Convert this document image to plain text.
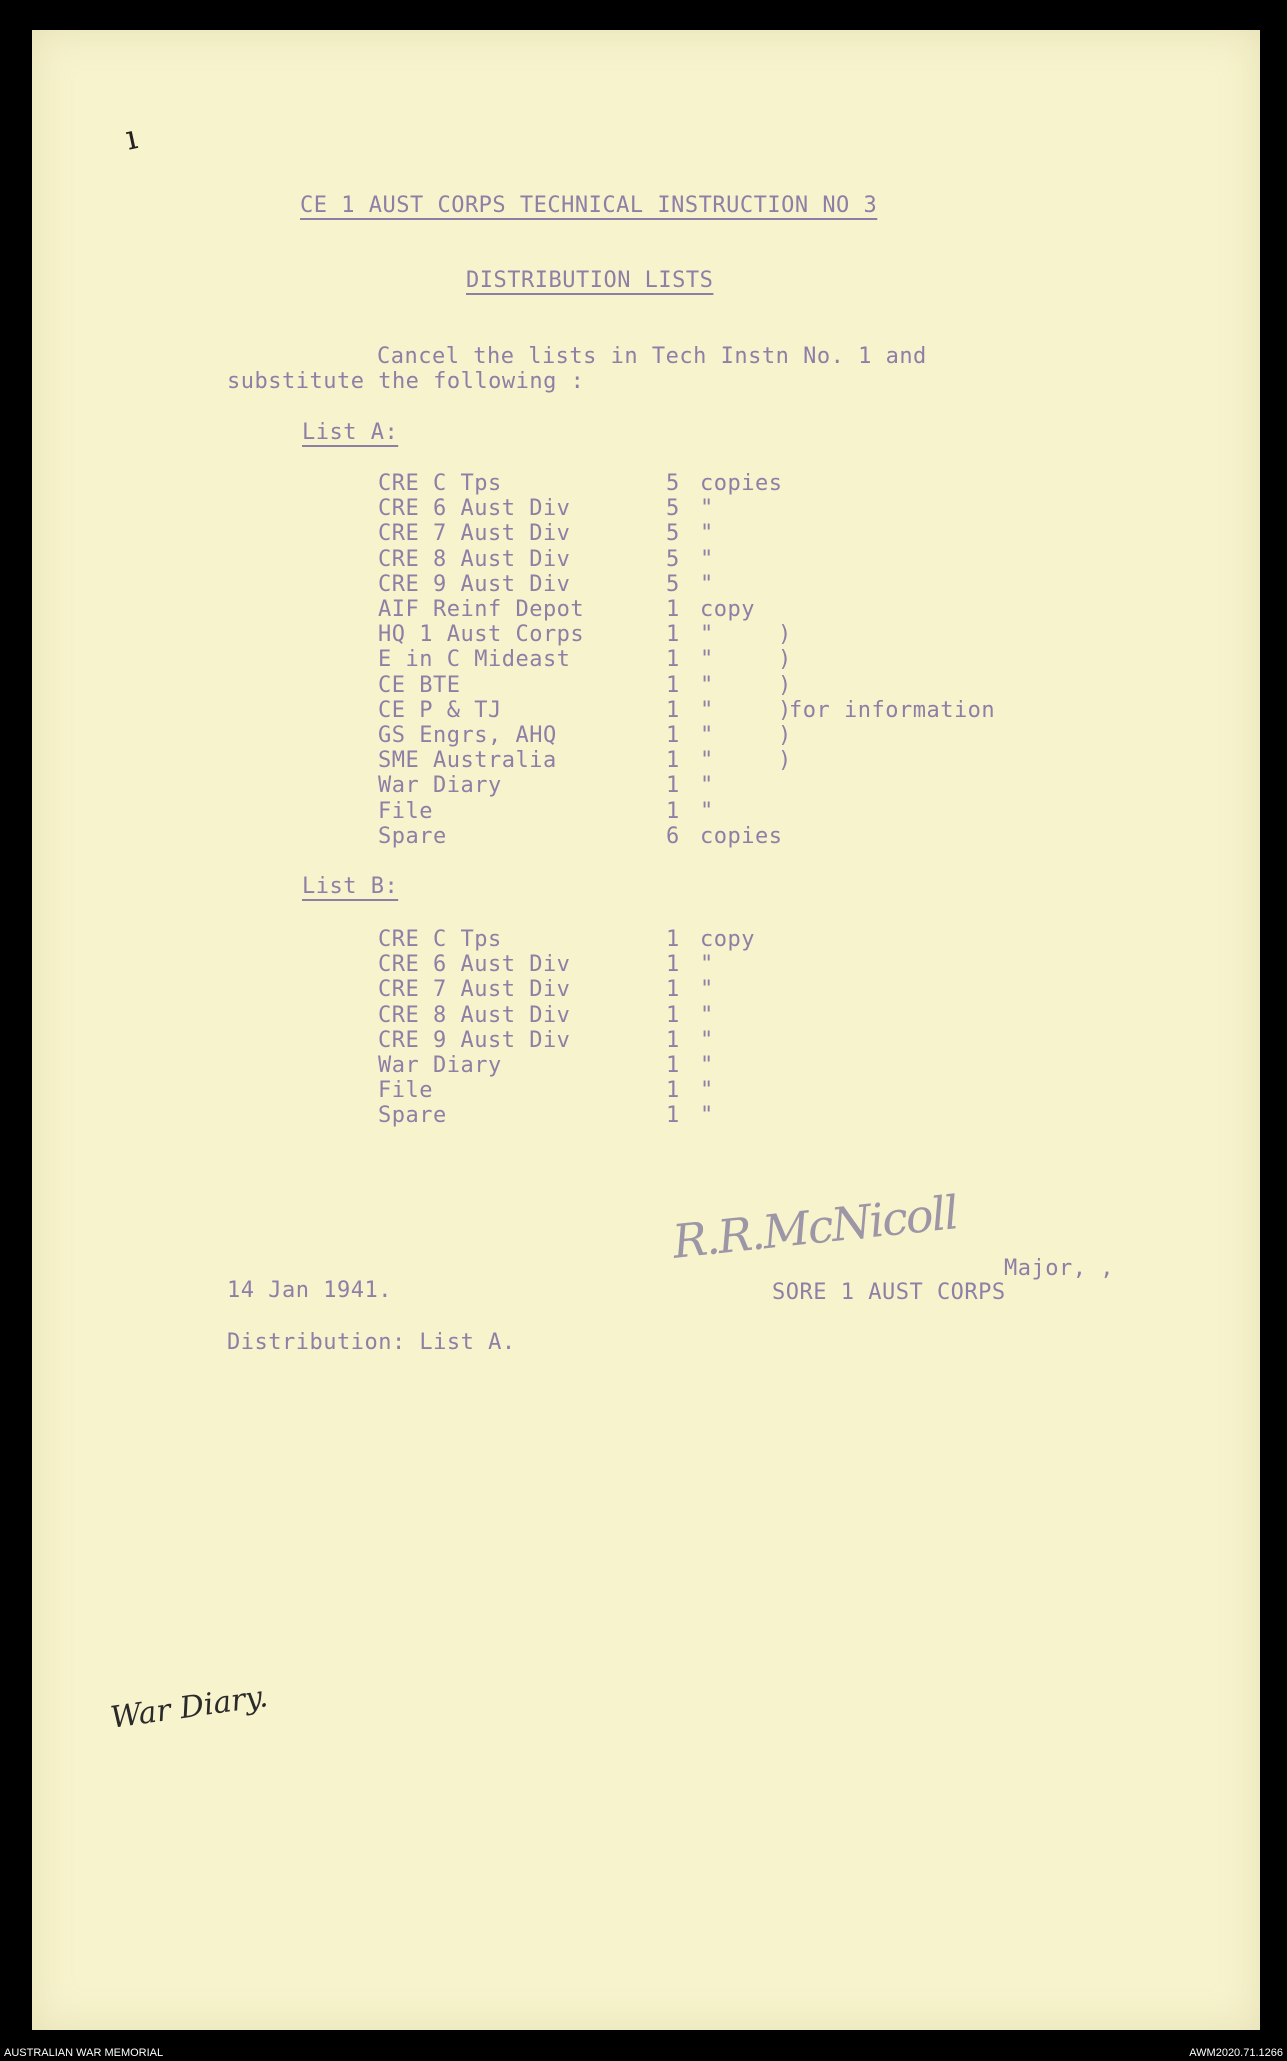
ı
CE 1 AUST CORPS TECHNICAL INSTRUCTION NO 3
DISTRIBUTION LISTS
Cancel the lists in Tech Instn No. 1 and
substitute the following :
List A:
CRE C Tps	5 copies
CRE 6 Aust Div	5 "
CRE 7 Aust Div	5 "
CRE 8 Aust Div	5 "
CRE 9 Aust Div	5 "
AIF Reinf Depot	1 copy
HQ 1 Aust Corps	1 "	)
E in C Mideast	1 "	)
CE BTE	1 "	)
CE P & TJ	1 "	)
GS Engrs, AHQ	1 "	)
SME Australia	1 "	)
War Diary	1 "
File	1 "
Spare	6 copies
for information
List B:
CRE C Tps	1 copy
CRE 6 Aust Div	1 "
CRE 7 Aust Div	1 "
CRE 8 Aust Div	1 "
CRE 9 Aust Div	1 "
War Diary	1 "
File	1 "
Spare	1 "
R.R.McNicoll Major, ,
SORE 1 AUST CORPS
14 Jan 1941.
Distribution: List A.
War Diary.
AUSTRALIAN WAR MEMORIAL	AWM2020.71.1266
